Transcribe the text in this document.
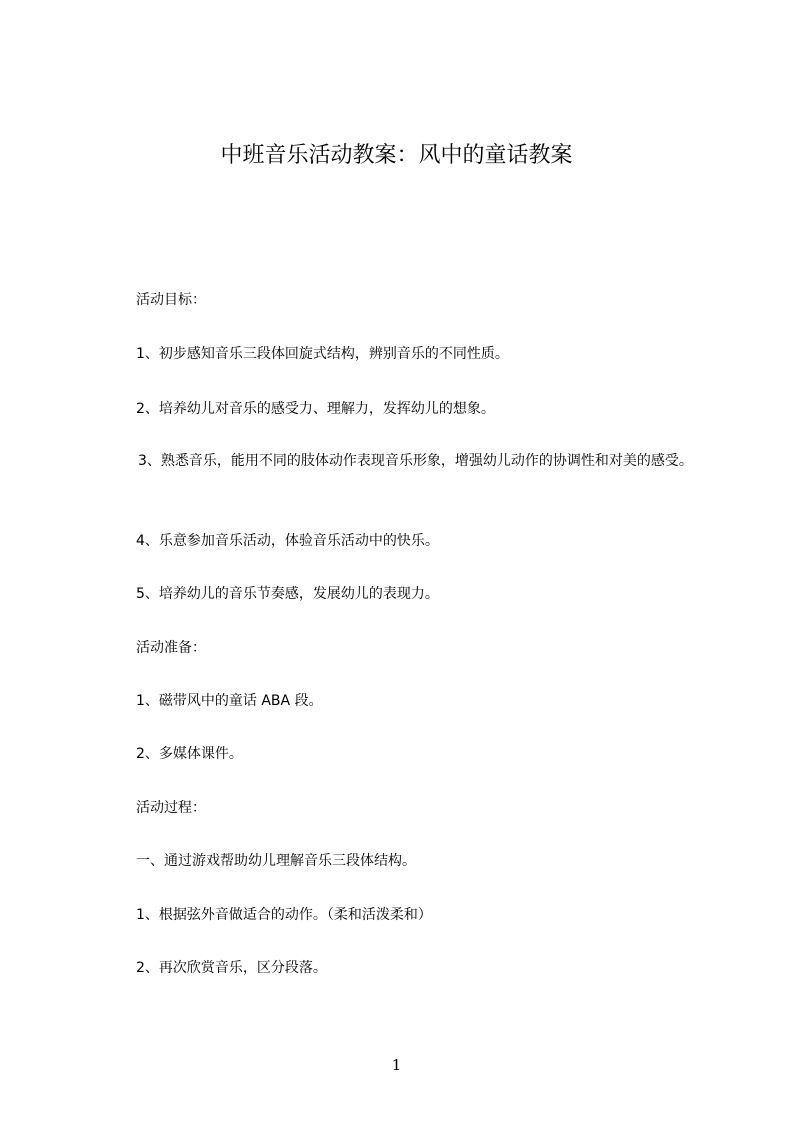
中班音乐活动教案：风中的童话教案

活动目标：

1、初步感知音乐三段体回旋式结构，辨别音乐的不同性质。

2、培养幼儿对音乐的感受力、理解力，发挥幼儿的想象。

3、熟悉音乐，能用不同的肢体动作表现音乐形象，增强幼儿动作的协调性和对美的感受。

4、乐意参加音乐活动，体验音乐活动中的快乐。

5、培养幼儿的音乐节奏感，发展幼儿的表现力。

活动准备：

1、磁带风中的童话 ABA 段。

2、多媒体课件。

活动过程：

一、通过游戏帮助幼儿理解音乐三段体结构。

1、根据弦外音做适合的动作。（柔和活泼柔和）

2、再次欣赏音乐，区分段落。

1
